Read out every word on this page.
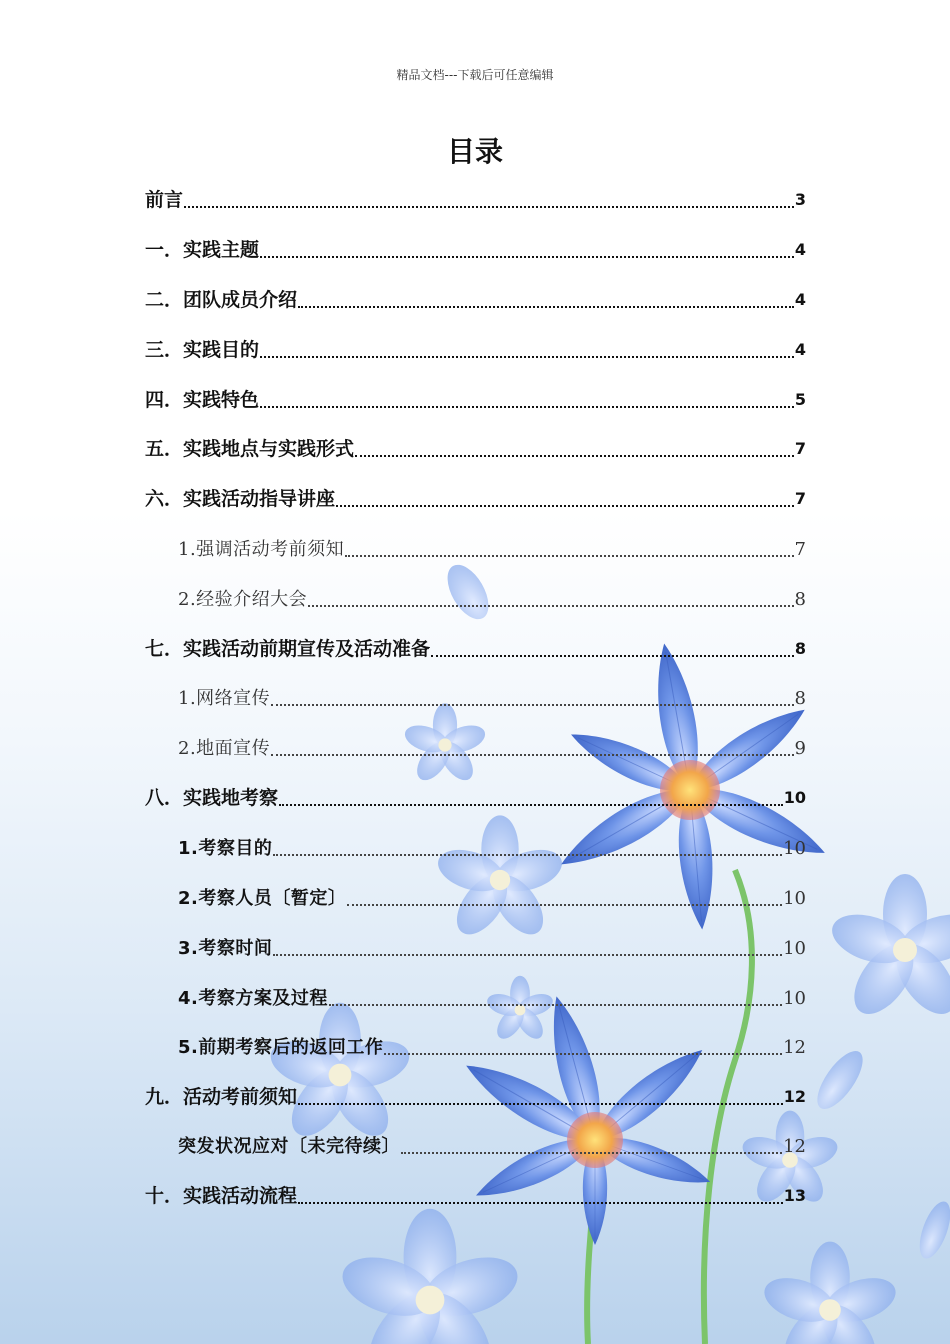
精品文档---下载后可任意编辑
目录
前言	3
一．实践主题	4
二．团队成员介绍	4
三．实践目的	4
四．实践特色	5
五．实践地点与实践形式	7
六．实践活动指导讲座	7
1.强调活动考前须知	7
2.经验介绍大会	8
七．实践活动前期宣传及活动准备	8
1.网络宣传	8
2.地面宣传	9
八．实践地考察	10
1.考察目的	10
2.考察人员〔暂定〕	10
3.考察时间	10
4.考察方案及过程	10
5.前期考察后的返回工作	12
九．活动考前须知	12
突发状况应对〔未完待续〕	12
十．实践活动流程	13
